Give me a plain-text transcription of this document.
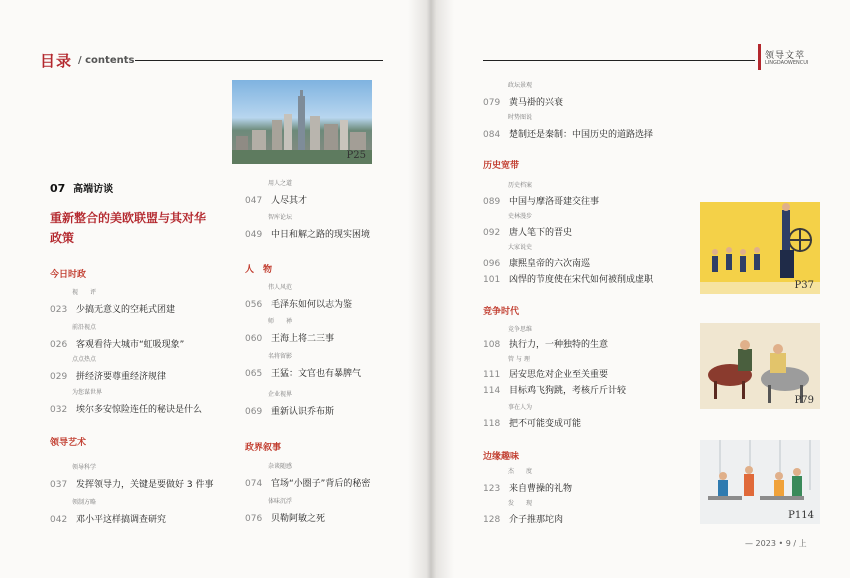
目录 / contents	领导文萃
LINGDAOWENCUI
07 高端访谈
重新整合的美欧联盟与其对华政策
P25
今日时政
视　　评
023 少搞无意义的空耗式团建
前沿视点
026 客观看待大城市“虹吸现象”
点点热点
029 拼经济要尊重经济规律
为您谋世界
032 埃尔多安惊险连任的秘诀是什么
领导艺术
领导科学
037 发挥领导力，关键是要做好 3 件事
领制方略
042 邓小平这样搞调查研究
用人之道
047 人尽其才
智库论坛
049 中日和解之路的现实困境
人　物
伟人风范
056 毛泽东如何以志为鉴
师　　禅
060 王海上将二三事
名将留影
065 王猛：文官也有暴脾气
企业视界
069 重新认识乔布斯
政界叙事
杂谈随感
074 官场“小圈子”背后的秘密
体味沉浮
076 贝勒阿敏之死
政坛景观
079 黄马褂的兴衰
时势图说
084 楚制还是秦制：中国历史的道路选择
历史宽带
历史档案
089 中国与摩洛哥建交往事
史林漫步
092 唐人笔下的晋史
大家说史
096 康熙皇帝的六次南巡
101 凶悍的节度使在宋代如何被削成虚职
竞争时代
竞争思维
108 执行力，一种独特的生意
管 与 理
111 居安思危对企业至关重要
114 目标鸡飞狗跳，考核斤斤计较
事在人为
118 把不可能变成可能
边缘趣味
杰　　度
123 来自曹操的礼物
发　　现
128 介子推那坨肉
P37
P79
P114
— 2023 • 9 / 上
